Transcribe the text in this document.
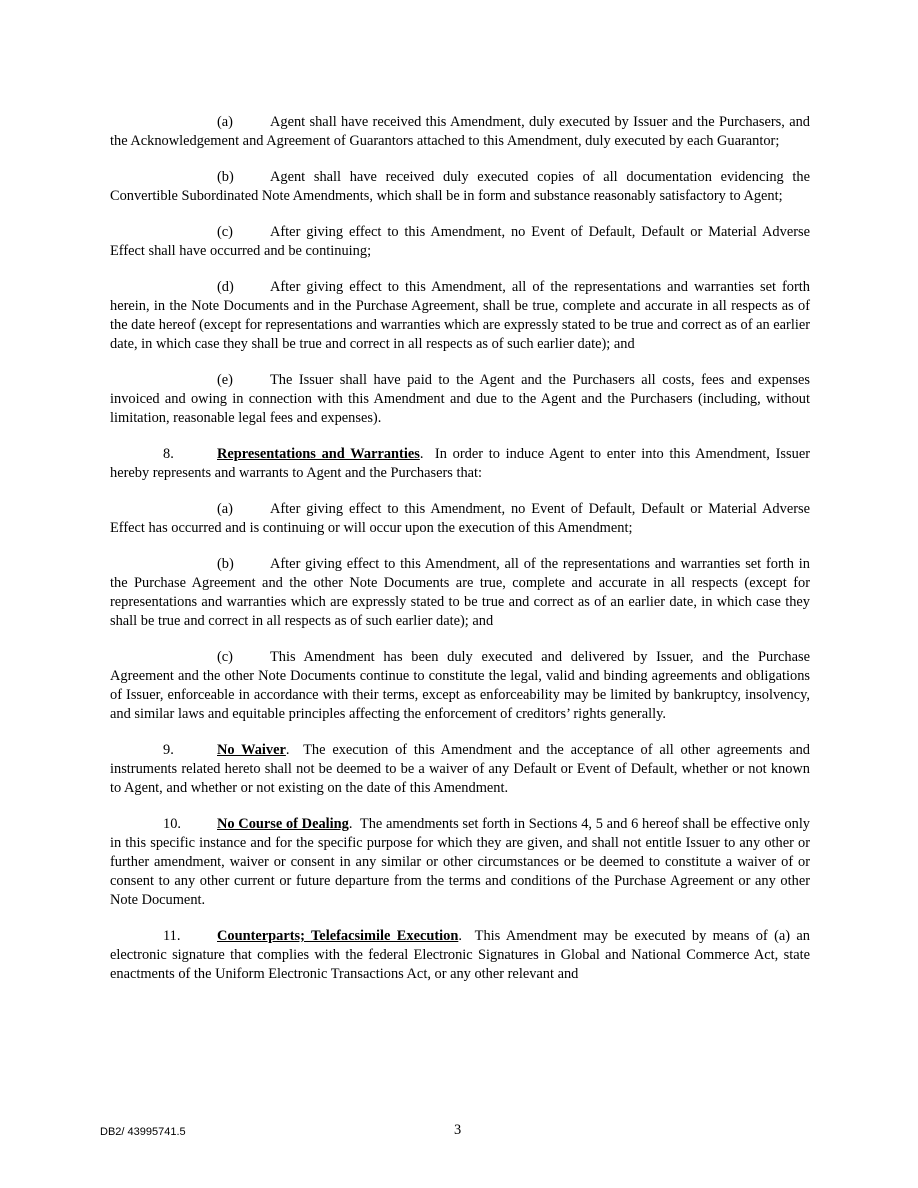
(a)	Agent shall have received this Amendment, duly executed by Issuer and the Purchasers, and the Acknowledgement and Agreement of Guarantors attached to this Amendment, duly executed by each Guarantor;

(b)	Agent shall have received duly executed copies of all documentation evidencing the Convertible Subordinated Note Amendments, which shall be in form and substance reasonably satisfactory to Agent;

(c)	After giving effect to this Amendment, no Event of Default, Default or Material Adverse Effect shall have occurred and be continuing;

(d)	After giving effect to this Amendment, all of the representations and warranties set forth herein, in the Note Documents and in the Purchase Agreement, shall be true, complete and accurate in all respects as of the date hereof (except for representations and warranties which are expressly stated to be true and correct as of an earlier date, in which case they shall be true and correct in all respects as of such earlier date); and

(e)	The Issuer shall have paid to the Agent and the Purchasers all costs, fees and expenses invoiced and owing in connection with this Amendment and due to the Agent and the Purchasers (including, without limitation, reasonable legal fees and expenses).

8.	Representations and Warranties. In order to induce Agent to enter into this Amendment, Issuer hereby represents and warrants to Agent and the Purchasers that:

(a)	After giving effect to this Amendment, no Event of Default, Default or Material Adverse Effect has occurred and is continuing or will occur upon the execution of this Amendment;

(b)	After giving effect to this Amendment, all of the representations and warranties set forth in the Purchase Agreement and the other Note Documents are true, complete and accurate in all respects (except for representations and warranties which are expressly stated to be true and correct as of an earlier date, in which case they shall be true and correct in all respects as of such earlier date); and

(c)	This Amendment has been duly executed and delivered by Issuer, and the Purchase Agreement and the other Note Documents continue to constitute the legal, valid and binding agreements and obligations of Issuer, enforceable in accordance with their terms, except as enforceability may be limited by bankruptcy, insolvency, and similar laws and equitable principles affecting the enforcement of creditors’ rights generally.

9.	No Waiver. The execution of this Amendment and the acceptance of all other agreements and instruments related hereto shall not be deemed to be a waiver of any Default or Event of Default, whether or not known to Agent, and whether or not existing on the date of this Amendment.

10.	No Course of Dealing. The amendments set forth in Sections 4, 5 and 6 hereof shall be effective only in this specific instance and for the specific purpose for which they are given, and shall not entitle Issuer to any other or further amendment, waiver or consent in any similar or other circumstances or be deemed to constitute a waiver of or consent to any other current or future departure from the terms and conditions of the Purchase Agreement or any other Note Document.

11.	Counterparts; Telefacsimile Execution. This Amendment may be executed by means of (a) an electronic signature that complies with the federal Electronic Signatures in Global and National Commerce Act, state enactments of the Uniform Electronic Transactions Act, or any other relevant and

DB2/ 43995741.5	3
